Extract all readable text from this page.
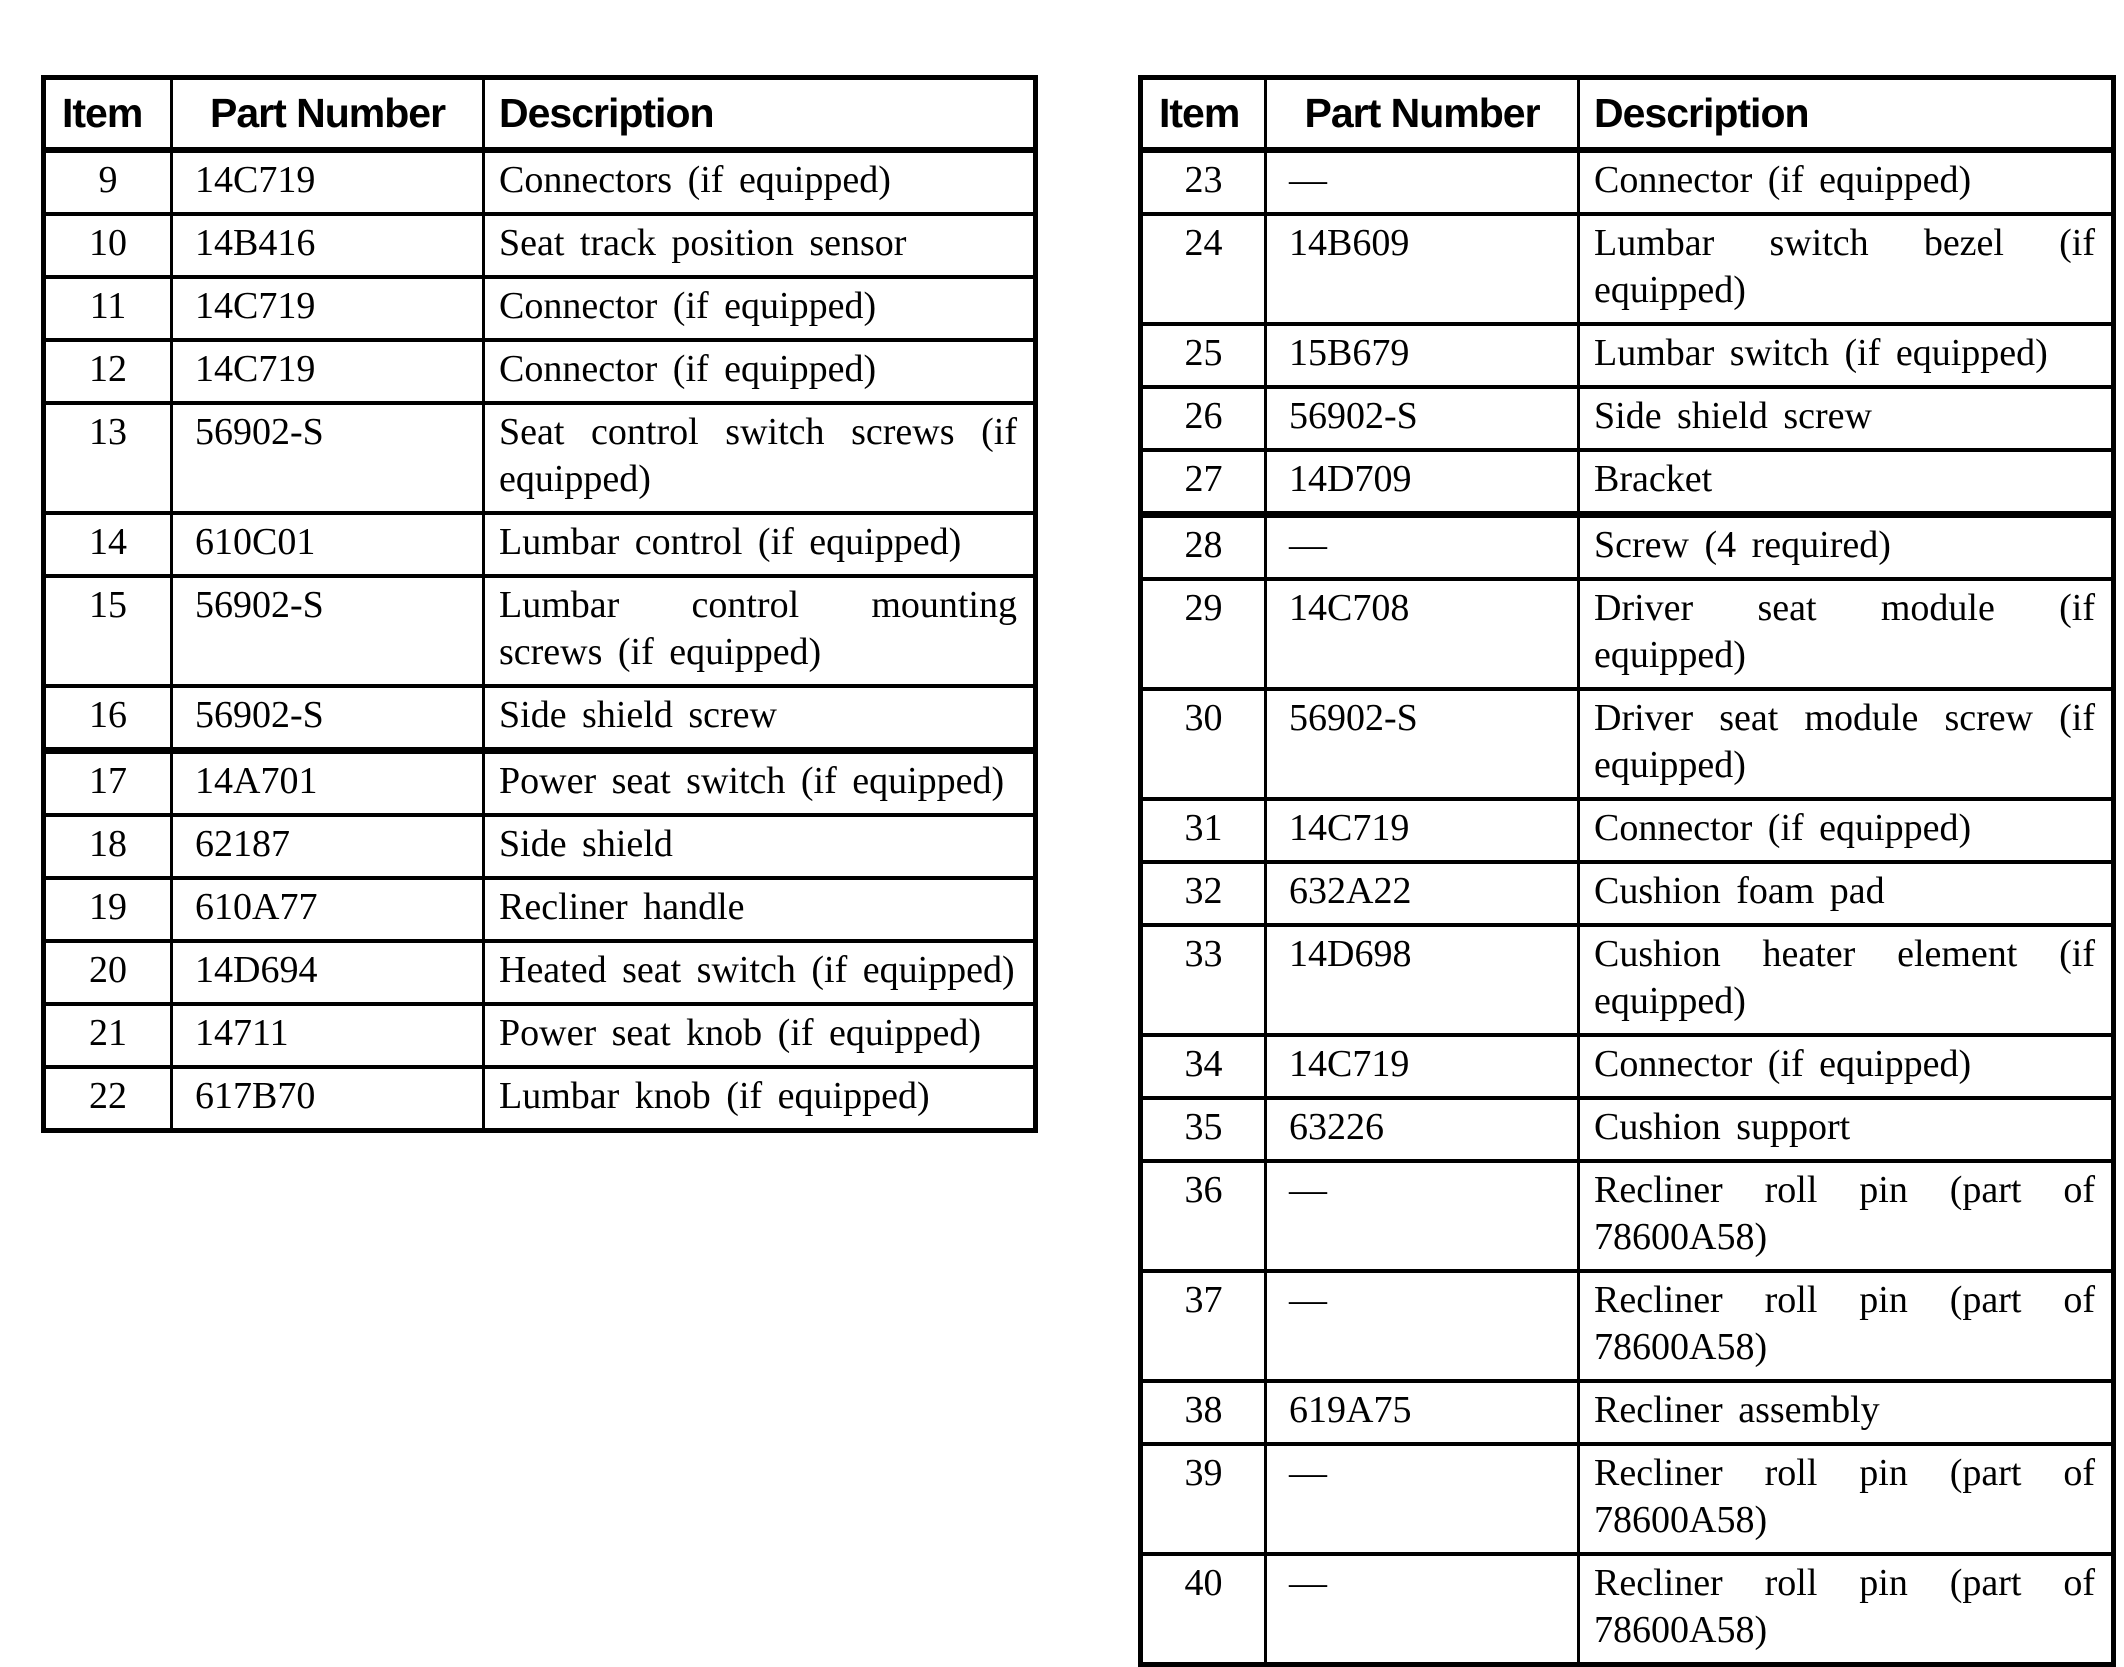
Item	Part Number	Description
9	14C719	Connectors (if equipped)
10	14B416	Seat track position sensor
11	14C719	Connector (if equipped)
12	14C719	Connector (if equipped)
13	56902-S	Seat control switch screws (if equipped)
14	610C01	Lumbar control (if equipped)
15	56902-S	Lumbar control mounting screws (if equipped)
16	56902-S	Side shield screw
17	14A701	Power seat switch (if equipped)
18	62187	Side shield
19	610A77	Recliner handle
20	14D694	Heated seat switch (if equipped)
21	14711	Power seat knob (if equipped)
22	617B70	Lumbar knob (if equipped)
Item	Part Number	Description
23	—	Connector (if equipped)
24	14B609	Lumbar switch bezel (if equipped)
25	15B679	Lumbar switch (if equipped)
26	56902-S	Side shield screw
27	14D709	Bracket
28	—	Screw (4 required)
29	14C708	Driver seat module (if equipped)
30	56902-S	Driver seat module screw (if equipped)
31	14C719	Connector (if equipped)
32	632A22	Cushion foam pad
33	14D698	Cushion heater element (if equipped)
34	14C719	Connector (if equipped)
35	63226	Cushion support
36	—	Recliner roll pin (part of 78600A58)
37	—	Recliner roll pin (part of 78600A58)
38	619A75	Recliner assembly
39	—	Recliner roll pin (part of 78600A58)
40	—	Recliner roll pin (part of 78600A58)
